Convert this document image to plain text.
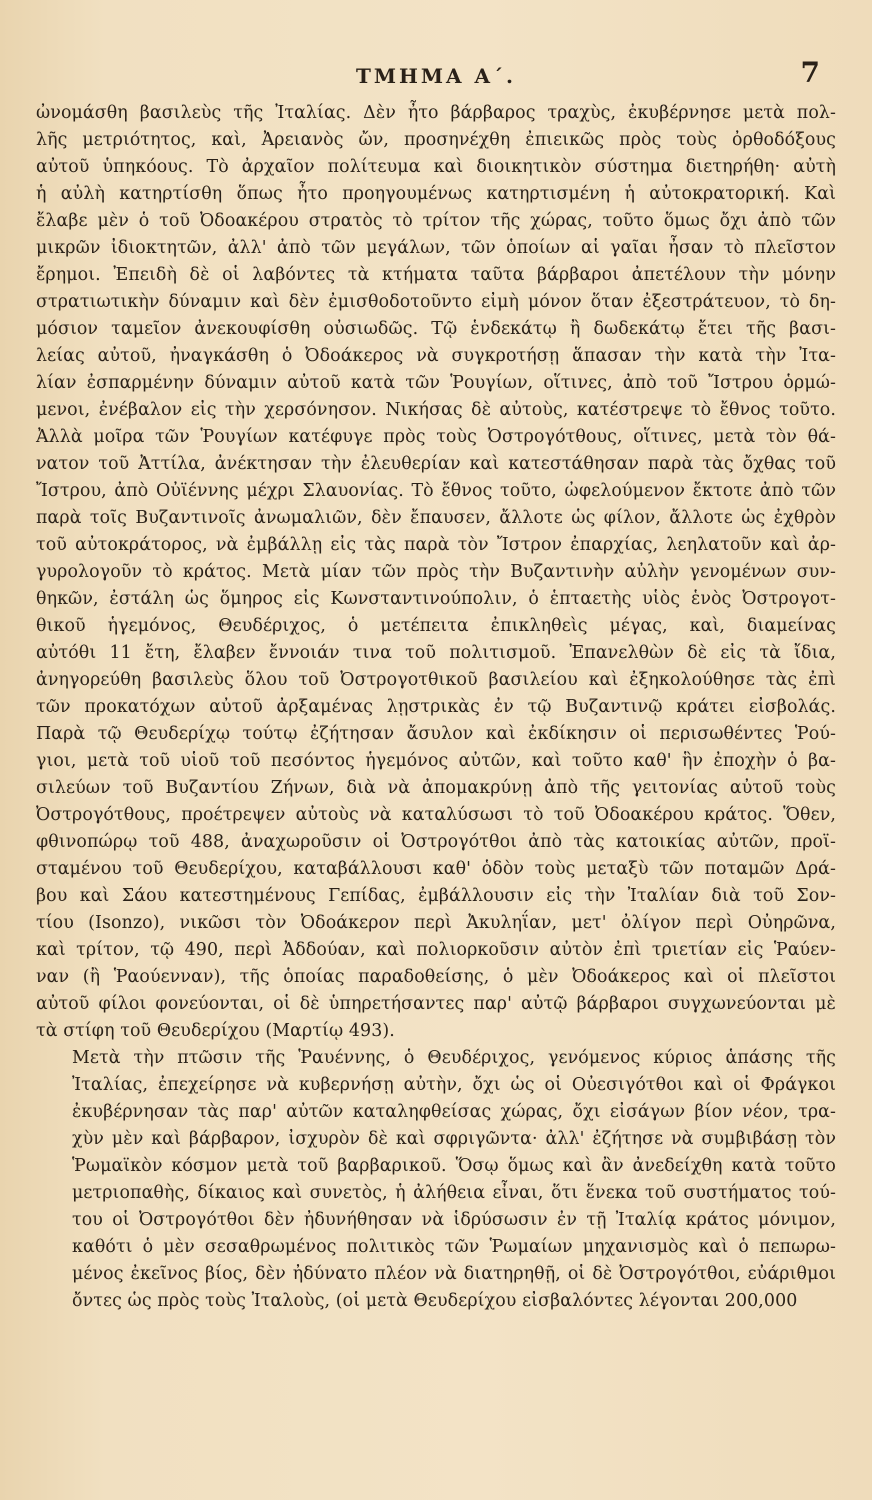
ΤΜΗΜΑ Α΄.	7

ὠνομάσθη βασιλεὺς τῆς Ἰταλίας. Δὲν ἦτο βάρβαρος τραχὺς, ἐκυβέρνησε μετὰ πολ-
λῆς μετριότητος, καὶ, Ἀρειανὸς ὤν, προσηνέχθη ἐπιεικῶς πρὸς τοὺς ὀρθοδόξους
αὐτοῦ ὑπηκόους. Τὸ ἀρχαῖον πολίτευμα καὶ διοικητικὸν σύστημα διετηρήθη· αὐτὴ
ἡ αὐλὴ κατηρτίσθη ὅπως ἦτο προηγουμένως κατηρτισμένη ἡ αὐτοκρατορική. Καὶ
ἔλαβε μὲν ὁ τοῦ Ὀδοακέρου στρατὸς τὸ τρίτον τῆς χώρας, τοῦτο ὅμως ὄχι ἀπὸ τῶν
μικρῶν ἰδιοκτητῶν, ἀλλ' ἀπὸ τῶν μεγάλων, τῶν ὁποίων αἱ γαῖαι ἦσαν τὸ πλεῖστον
ἔρημοι. Ἐπειδὴ δὲ οἱ λαβόντες τὰ κτήματα ταῦτα βάρβαροι ἀπετέλουν τὴν μόνην
στρατιωτικὴν δύναμιν καὶ δὲν ἐμισθοδοτοῦντο εἰμὴ μόνον ὅταν ἐξεστράτευον, τὸ δη-
μόσιον ταμεῖον ἀνεκουφίσθη οὐσιωδῶς. Τῷ ἑνδεκάτῳ ἢ δωδεκάτῳ ἔτει τῆς βασι-
λείας αὐτοῦ, ἠναγκάσθη ὁ Ὀδοάκερος νὰ συγκροτήσῃ ἅπασαν τὴν κατὰ τὴν Ἰτα-
λίαν ἐσπαρμένην δύναμιν αὐτοῦ κατὰ τῶν Ῥουγίων, οἵτινες, ἀπὸ τοῦ Ἴστρου ὁρμώ-
μενοι, ἐνέβαλον εἰς τὴν χερσόνησον. Νικήσας δὲ αὐτοὺς, κατέστρεψε τὸ ἔθνος τοῦτο.
Ἀλλὰ μοῖρα τῶν Ῥουγίων κατέφυγε πρὸς τοὺς Ὀστρογότθους, οἵτινες, μετὰ τὸν θά-
νατον τοῦ Ἀττίλα, ἀνέκτησαν τὴν ἐλευθερίαν καὶ κατεστάθησαν παρὰ τὰς ὄχθας τοῦ
Ἴστρου, ἀπὸ Οὐϊέννης μέχρι Σλαυονίας. Τὸ ἔθνος τοῦτο, ὠφελούμενον ἔκτοτε ἀπὸ τῶν
παρὰ τοῖς Βυζαντινοῖς ἀνωμαλιῶν, δὲν ἔπαυσεν, ἄλλοτε ὡς φίλον, ἄλλοτε ὡς ἐχθρὸν
τοῦ αὐτοκράτορος, νὰ ἐμβάλλῃ εἰς τὰς παρὰ τὸν Ἴστρον ἐπαρχίας, λεηλατοῦν καὶ ἀρ-
γυρολογοῦν τὸ κράτος. Μετὰ μίαν τῶν πρὸς τὴν Βυζαντινὴν αὐλὴν γενομένων συν-
θηκῶν, ἐστάλη ὡς ὅμηρος εἰς Κωνσταντινούπολιν, ὁ ἑπταετὴς υἱὸς ἑνὸς Ὀστρογοτ-
θικοῦ ἡγεμόνος, Θευδέριχος, ὁ μετέπειτα ἐπικληθεὶς μέγας, καὶ, διαμείνας
αὐτόθι 11 ἔτη, ἔλαβεν ἔννοιάν τινα τοῦ πολιτισμοῦ. Ἐπανελθὼν δὲ εἰς τὰ ἴδια,
ἀνηγορεύθη βασιλεὺς ὅλου τοῦ Ὀστρογοτθικοῦ βασιλείου καὶ ἐξηκολούθησε τὰς ἐπὶ
τῶν προκατόχων αὐτοῦ ἀρξαμένας λῃστρικὰς ἐν τῷ Βυζαντινῷ κράτει εἰσβολάς.
Παρὰ τῷ Θευδερίχῳ τούτῳ ἐζήτησαν ἄσυλον καὶ ἐκδίκησιν οἱ περισωθέντες Ῥού-
γιοι, μετὰ τοῦ υἱοῦ τοῦ πεσόντος ἡγεμόνος αὐτῶν, καὶ τοῦτο καθ' ἣν ἐποχὴν ὁ βα-
σιλεύων τοῦ Βυζαντίου Ζήνων, διὰ νὰ ἀπομακρύνῃ ἀπὸ τῆς γειτονίας αὐτοῦ τοὺς
Ὀστρογότθους, προέτρεψεν αὐτοὺς νὰ καταλύσωσι τὸ τοῦ Ὀδοακέρου κράτος. Ὅθεν,
φθινοπώρῳ τοῦ 488, ἀναχωροῦσιν οἱ Ὀστρογότθοι ἀπὸ τὰς κατοικίας αὐτῶν, προϊ-
σταμένου τοῦ Θευδερίχου, καταβάλλουσι καθ' ὁδὸν τοὺς μεταξὺ τῶν ποταμῶν Δρά-
βου καὶ Σάου κατεστημένους Γεπίδας, ἐμβάλλουσιν εἰς τὴν Ἰταλίαν διὰ τοῦ Σον-
τίου (Isonzo), νικῶσι τὸν Ὀδοάκερον περὶ Ἀκυληΐαν, μετ' ὀλίγον περὶ Οὐηρῶνα,
καὶ τρίτον, τῷ 490, περὶ Ἀδδούαν, καὶ πολιορκοῦσιν αὐτὸν ἐπὶ τριετίαν εἰς Ῥαύεν-
ναν (ἢ Ῥαούενναν), τῆς ὁποίας παραδοθείσης, ὁ μὲν Ὀδοάκερος καὶ οἱ πλεῖστοι
αὐτοῦ φίλοι φονεύονται, οἱ δὲ ὑπηρετήσαντες παρ' αὐτῷ βάρβαροι συγχωνεύονται μὲ
τὰ στίφη τοῦ Θευδερίχου (Μαρτίῳ 493).

Μετὰ τὴν πτῶσιν τῆς Ῥαυέννης, ὁ Θευδέριχος, γενόμενος κύριος ἁπάσης τῆς
Ἰταλίας, ἐπεχείρησε νὰ κυβερνήσῃ αὐτὴν, ὄχι ὡς οἱ Οὐεσιγότθοι καὶ οἱ Φράγκοι
ἐκυβέρνησαν τὰς παρ' αὐτῶν καταληφθείσας χώρας, ὄχι εἰσάγων βίον νέον, τρα-
χὺν μὲν καὶ βάρβαρον, ἰσχυρὸν δὲ καὶ σφριγῶντα· ἀλλ' ἐζήτησε νὰ συμβιβάσῃ τὸν
Ῥωμαϊκὸν κόσμον μετὰ τοῦ βαρβαρικοῦ. Ὅσῳ ὅμως καὶ ἂν ἀνεδείχθη κατὰ τοῦτο
μετριοπαθὴς, δίκαιος καὶ συνετὸς, ἡ ἀλήθεια εἶναι, ὅτι ἕνεκα τοῦ συστήματος τού-
του οἱ Ὀστρογότθοι δὲν ἠδυνήθησαν νὰ ἱδρύσωσιν ἐν τῇ Ἰταλίᾳ κράτος μόνιμον,
καθότι ὁ μὲν σεσαθρωμένος πολιτικὸς τῶν Ῥωμαίων μηχανισμὸς καὶ ὁ πεπωρω-
μένος ἐκεῖνος βίος, δὲν ἠδύνατο πλέον νὰ διατηρηθῇ, οἱ δὲ Ὀστρογότθοι, εὐάριθμοι
ὄντες ὡς πρὸς τοὺς Ἰταλοὺς, (οἱ μετὰ Θευδερίχου εἰσβαλόντες λέγονται 200,000
